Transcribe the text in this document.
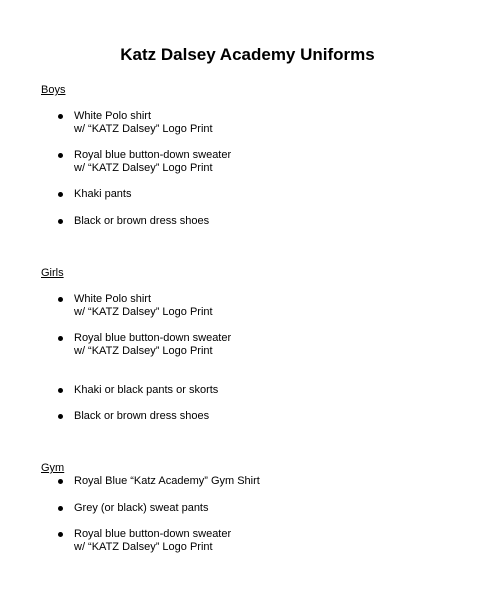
Katz Dalsey Academy Uniforms
Boys
White Polo shirt
w/ “KATZ Dalsey” Logo Print
Royal blue button-down sweater
w/ “KATZ Dalsey” Logo Print
Khaki pants
Black or brown dress shoes
Girls
White Polo shirt
w/ “KATZ Dalsey” Logo Print
Royal blue button-down sweater
w/ “KATZ Dalsey” Logo Print
Khaki or black pants or skorts
Black or brown dress shoes
Gym
Royal Blue “Katz Academy” Gym Shirt
Grey (or black) sweat pants
Royal blue button-down sweater
w/ “KATZ Dalsey” Logo Print
